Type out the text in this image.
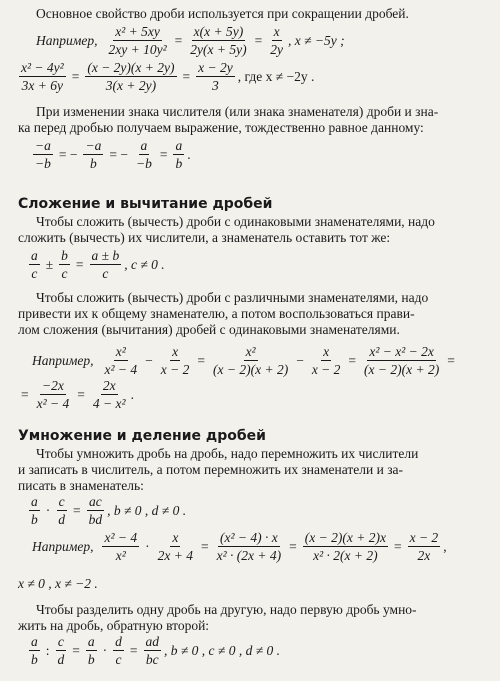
Основное свойство дроби используется при сокращении дробей.
Например, $\frac{\text{x² + 5xy}}{\text{2xy + 10y²}} = \frac{x(x + 5y)}{2y(x + 5y)} = \frac{x}{2y}$ , x ≠ −5y ;
$\frac{\text{x² − 4y²}}{3x + 6y} = \frac{(x - 2y)(x + 2y)}{3(x + 2y)} = \frac{x - 2y}{3}$ , где x ≠ −2y .
При изменении знака числителя (или знака знаменателя) дроби и зна-
ка перед дробью получаем выражение, тождественно равное данному:
$\frac{-a}{-b}$ = − $\frac{-a}{b}$ = − $\frac{a}{-b} = \frac{a}{b}$ .
Сложение и вычитание дробей
Чтобы сложить (вычесть) дроби с одинаковыми знаменателями, надо
сложить (вычесть) их числители, а знаменатель оставить тот же:
$\frac{a}{c} \pm \frac{b}{c} = \frac{a \pm b}{c}$ , c ≠ 0 .
Чтобы сложить (вычесть) дроби с различными знаменателями, надо
привести их к общему знаменателю, а потом воспользоваться прави-
лом сложения (вычитания) дробей с одинаковыми знаменателями.
Например, $\frac{\text{x²}}{\text{x² − 4}} - \frac{x}{x - 2} = \frac{\text{x²}}{(x - 2)(x + 2)} - \frac{x}{x - 2} = \frac{\text{x² − x² − 2x}}{(x - 2)(x + 2)}$ =
= $\frac{-2x}{\text{x² − 4}} = \frac{2x}{\text{4 − x²}}$ .
Умножение и деление дробей
Чтобы умножить дробь на дробь, надо перемножить их числители
и записать в числитель, а потом перемножить их знаменатели и за-
писать в знаменатель:
$\frac{a}{b} \cdot \frac{c}{d} = \frac{ac}{bd}$ , b ≠ 0 , d ≠ 0 .
Например, $\frac{\text{x² − 4}}{\text{x²}} \cdot \frac{x}{2x + 4} = \frac{\text{(x² − 4) · x}}{\text{x² · (2x + 4)}} = \frac{(x - 2)(x + 2)x}{\text{x² · 2(x + 2)}} = \frac{x - 2}{2x}$ ,
x ≠ 0 , x ≠ −2 .
Чтобы разделить одну дробь на другую, надо первую дробь умно-
жить на дробь, обратную второй:
$\frac{a}{b}$ : $\frac{c}{d} = \frac{a}{b} \cdot \frac{d}{c} = \frac{ad}{bc}$ , b ≠ 0 , c ≠ 0 , d ≠ 0 .
